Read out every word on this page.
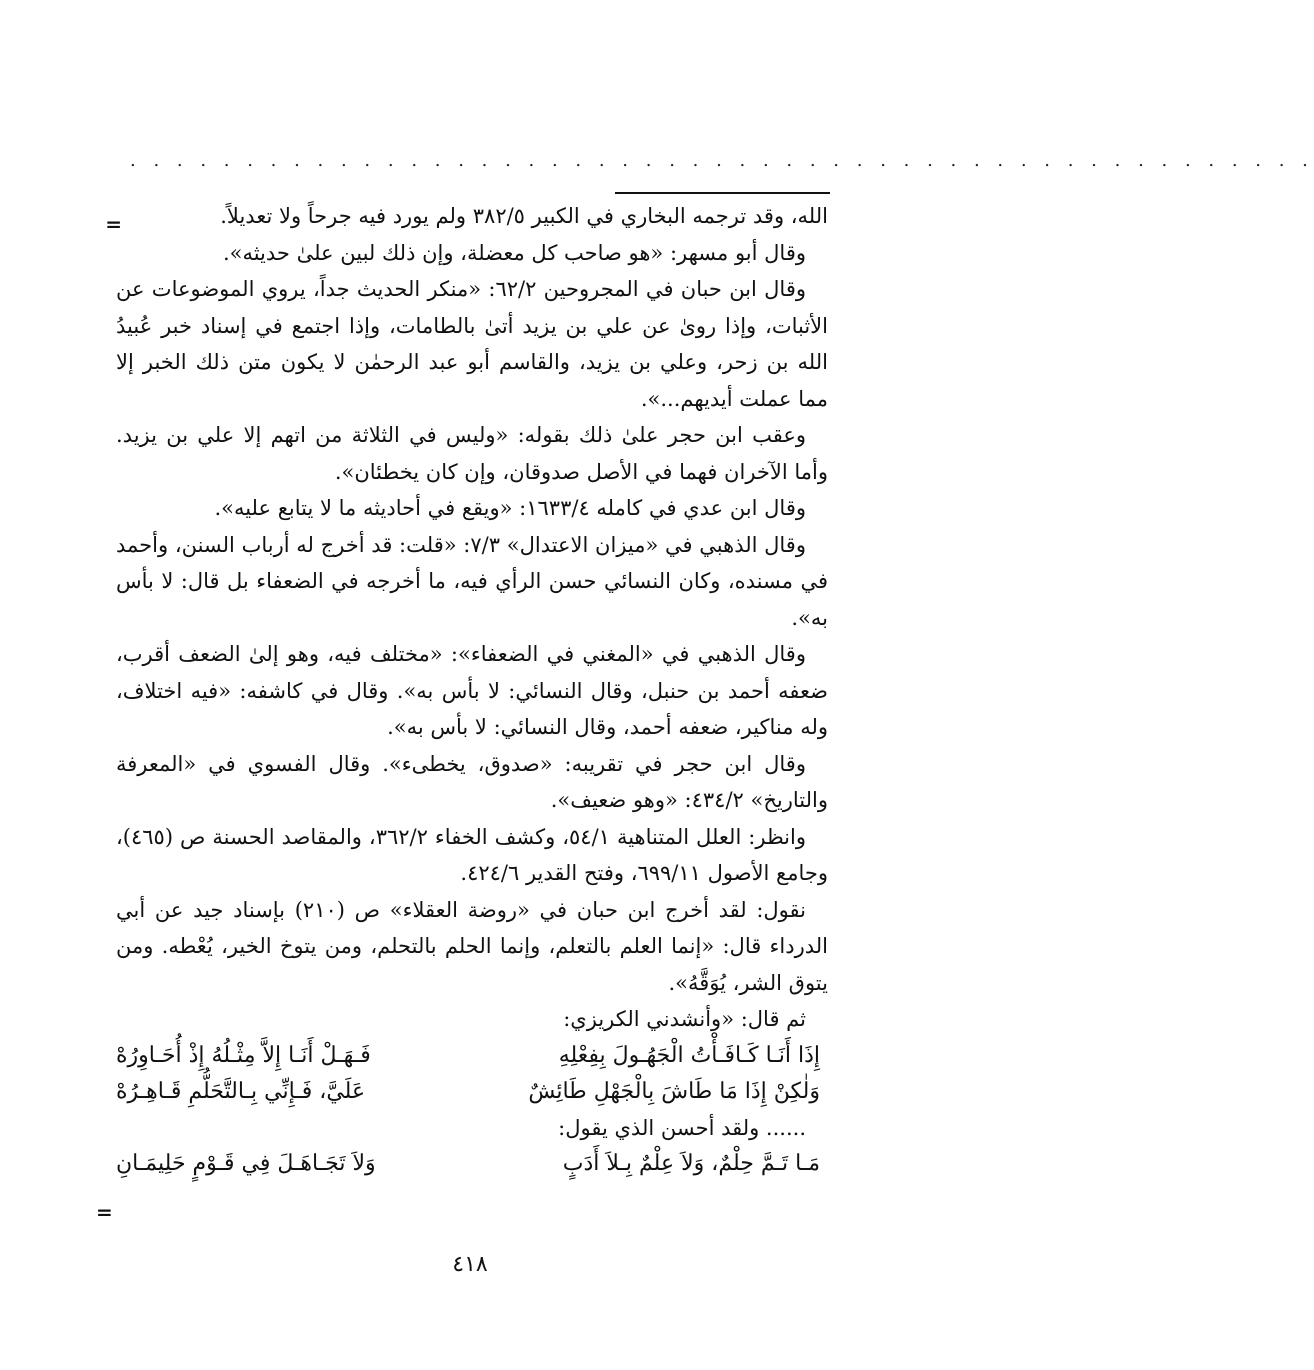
. . . . . . . . . . . . . . . . . . . . . . . . . . . . . . . . . . . . . . . . . . . . . . . . . . .
=	الله، وقد ترجمه البخاري في الكبير ٣٨٢/٥ ولم يورد فيه جرحاً ولا تعديلاً.

وقال أبو مسهر: «هو صاحب كل معضلة، وإن ذلك لبين علىٰ حديثه».

وقال ابن حبان في المجروحين ٦٢/٢: «منكر الحديث جداً، يروي الموضوعات عن الأثبات، وإذا روىٰ عن علي بن يزيد أتىٰ بالطامات، وإذا اجتمع في إسناد خبر عُبيدُ الله بن زحر، وعلي بن يزيد، والقاسم أبو عبد الرحمٰن لا يكون متن ذلك الخبر إلا مما عملت أيديهم...».

وعقب ابن حجر علىٰ ذلك بقوله: «وليس في الثلاثة من اتهم إلا علي بن يزيد. وأما الآخران فهما في الأصل صدوقان، وإن كان يخطئان».

وقال ابن عدي في كامله ١٦٣٣/٤: «ويقع في أحاديثه ما لا يتابع عليه».

وقال الذهبي في «ميزان الاعتدال» ٧/٣: «قلت: قد أخرج له أرباب السنن، وأحمد في مسنده، وكان النسائي حسن الرأي فيه، ما أخرجه في الضعفاء بل قال: لا بأس به».

وقال الذهبي في «المغني في الضعفاء»: «مختلف فيه، وهو إلىٰ الضعف أقرب، ضعفه أحمد بن حنبل، وقال النسائي: لا بأس به». وقال في كاشفه: «فيه اختلاف، وله مناكير، ضعفه أحمد، وقال النسائي: لا بأس به».

وقال ابن حجر في تقريبه: «صدوق، يخطىء». وقال الفسوي في «المعرفة والتاريخ» ٤٣٤/٢: «وهو ضعيف».

وانظر: العلل المتناهية ٥٤/١، وكشف الخفاء ٣٦٢/٢، والمقاصد الحسنة ص (٤٦٥)، وجامع الأصول ٦٩٩/١١، وفتح القدير ٤٢٤/٦.

نقول: لقد أخرج ابن حبان في «روضة العقلاء» ص (٢١٠) بإسناد جيد عن أبي الدرداء قال: «إنما العلم بالتعلم، وإنما الحلم بالتحلم، ومن يتوخ الخير، يُعْطه. ومن يتوق الشر، يُوَقَّهُ».

ثم قال: «وأنشدني الكريزي:

إِذَا أَنَـا كَـافَـأْتُ الْجَهُـولَ بِفِعْلِهِ
فَـهَـلْ أَنَـا إِلاَّ مِثْـلُهُ إِذْ أُحَـاوِرُهْ
وَلٰكِنْ إِذَا مَا طَاشَ بِالْجَهْلِ طَائِشٌ
عَلَيَّ، فَـإِنِّي بِـالتَّحَلُّمِ قَـاهِـرُهْ

...... ولقد أحسن الذي يقول:

مَـا تَـمَّ حِلْمٌ، وَلاَ عِلْمٌ بِـلاَ أَدَبٍ
وَلاَ تَجَـاهَـلَ فِي قَـوْمٍ حَلِيمَـانِ
=
٤١٨
